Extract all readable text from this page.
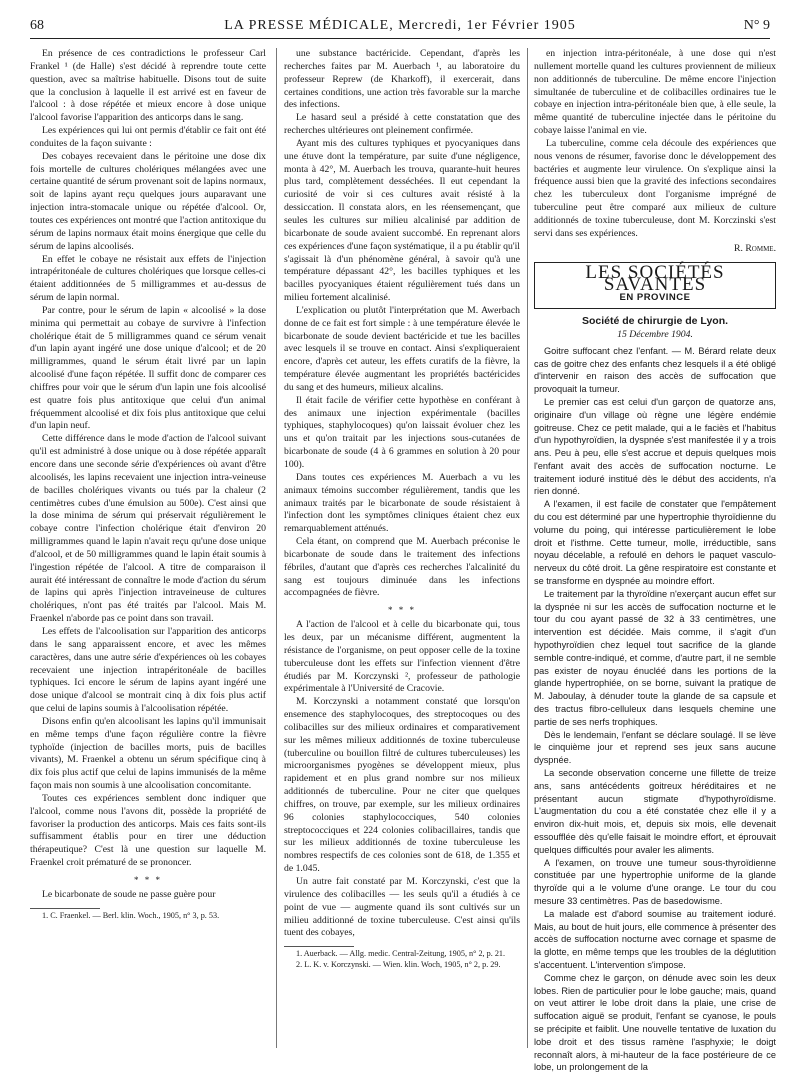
68	LA PRESSE MÉDICALE, Mercredi, 1er Février 1905	N° 9

En présence de ces contradictions le professeur Carl Frankel ¹ (de Halle) s'est décidé à reprendre toute cette question, avec sa maîtrise habituelle. Disons tout de suite que la conclusion à laquelle il est arrivé est en faveur de l'alcool : à dose répétée et mieux encore à dose unique l'alcool favorise l'apparition des anticorps dans le sang.

Les expériences qui lui ont permis d'établir ce fait ont été conduites de la façon suivante :

Des cobayes recevaient dans le péritoine une dose dix fois mortelle de cultures cholériques mélangées avec une certaine quantité de sérum provenant soit de lapins normaux, soit de lapins ayant reçu quelques jours auparavant une injection intra-stomacale unique ou répétée d'alcool. Or, toutes ces expériences ont montré que l'action antitoxique du sérum de lapins normaux était moins énergique que celle du sérum de lapins alcoolisés.

En effet le cobaye ne résistait aux effets de l'injection intrapéritonéale de cultures cholériques que lorsque celles-ci étaient additionnées de 5 milligrammes et au-dessus de sérum de lapin normal.

Par contre, pour le sérum de lapin « alcoolisé » la dose minima qui permettait au cobaye de survivre à l'infection cholérique était de 5 milligrammes quand ce sérum venait d'un lapin ayant ingéré une dose unique d'alcool; et de 20 milligrammes, quand le sérum était livré par un lapin alcoolisé d'une façon répétée. Il suffit donc de comparer ces chiffres pour voir que le sérum d'un lapin une fois alcoolisé est quatre fois plus antitoxique que celui d'un animal fréquemment alcoolisé et dix fois plus antitoxique que celui d'un lapin neuf.

Cette différence dans le mode d'action de l'alcool suivant qu'il est administré à dose unique ou à dose répétée apparaît encore dans une seconde série d'expériences où avant d'être alcoolisés, les lapins recevaient une injection intra-veineuse de bacilles cholériques vivants ou tués par la chaleur (2 centimètres cubes d'une émulsion au 500e). C'est ainsi que la dose minima de sérum qui préservait régulièrement le cobaye contre l'infection cholérique était d'environ 20 milligrammes quand le lapin n'avait reçu qu'une dose unique d'alcool, et de 50 milligrammes quand le lapin était soumis à l'ingestion répétée de l'alcool. A titre de comparaison il aurait été intéressant de connaître le mode d'action du sérum de lapins qui après l'injection intraveineuse de cultures cholériques, n'ont pas été traités par l'alcool. Mais M. Fraenkel n'aborde pas ce point dans son travail.

Les effets de l'alcoolisation sur l'apparition des anticorps dans le sang apparaissent encore, et avec les mêmes caractères, dans une autre série d'expériences où les cobayes recevaient une injection intrapéritonéale de bacilles typhiques. Ici encore le sérum de lapins ayant ingéré une dose unique d'alcool se montrait cinq à dix fois plus actif que celui de lapins soumis à l'alcoolisation répétée.

Disons enfin qu'en alcoolisant les lapins qu'il immunisait en même temps d'une façon régulière contre la fièvre typhoïde (injection de bacilles morts, puis de bacilles vivants), M. Fraenkel a obtenu un sérum spécifique cinq à dix fois plus actif que celui de lapins immunisés de la même façon mais non soumis à une alcoolisation concomitante.

Toutes ces expériences semblent donc indiquer que l'alcool, comme nous l'avons dit, possède la propriété de favoriser la production des anticorps. Mais ces faits sont-ils suffisamment établis pour en tirer une déduction thérapeutique? C'est là une question sur laquelle M. Fraenkel croit prématuré de se prononcer.

* * *

Le bicarbonate de soude ne passe guère pour

1. C. Fraenkel. — Berl. klin. Woch., 1905, n° 3, p. 53.

une substance bactéricide. Cependant, d'après les recherches faites par M. Auerbach ¹, au laboratoire du professeur Reprew (de Kharkoff), il exercerait, dans certaines conditions, une action très favorable sur la marche des infections.

Le hasard seul a présidé à cette constatation que des recherches ultérieures ont pleinement confirmée.

Ayant mis des cultures typhiques et pyocyaniques dans une étuve dont la température, par suite d'une négligence, monta à 42°, M. Auerbach les trouva, quarante-huit heures plus tard, complètement desséchées. Il eut cependant la curiosité de voir si ces cultures avait résisté à la dessiccation. Il constata alors, en les réensemençant, que seules les cultures sur milieu alcalinisé par addition de bicarbonate de soude avaient succombé. En reprenant alors ces expériences d'une façon systématique, il a pu établir qu'il s'agissait là d'un phénomène général, à savoir qu'à une température dépassant 42°, les bacilles typhiques et les bacilles pyocyaniques étaient régulièrement tués dans un milieu fortement alcalinisé.

L'explication ou plutôt l'interprétation que M. Awerbach donne de ce fait est fort simple : à une température élevée le bicarbonate de soude devient bactéricide et tue les bacilles avec lesquels il se trouve en contact. Ainsi s'expliqueraient encore, d'après cet auteur, les effets curatifs de la fièvre, la température élevée augmentant les propriétés bactéricides du sang et des humeurs, milieux alcalins.

Il était facile de vérifier cette hypothèse en conférant à des animaux une injection expérimentale (bacilles typhiques, staphylocoques) qu'on laissait évoluer chez les uns et qu'on traitait par les injections sous-cutanées de bicarbonate de soude (4 à 6 grammes en solution à 20 pour 100).

Dans toutes ces expériences M. Auerbach a vu les animaux témoins succomber régulièrement, tandis que les animaux traités par le bicarbonate de soude résistaient à l'infection dont les symptômes cliniques étaient chez eux remarquablement atténués.

Cela étant, on comprend que M. Auerbach préconise le bicarbonate de soude dans le traitement des infections fébriles, d'autant que d'après ces recherches l'alcalinité du sang est toujours diminuée dans les infections accompagnées de fièvre.

* * *

A l'action de l'alcool et à celle du bicarbonate qui, tous les deux, par un mécanisme différent, augmentent la résistance de l'organisme, on peut opposer celle de la toxine tuberculeuse dont les effets sur l'infection viennent d'être étudiés par M. Korczynski ², professeur de pathologie expérimentale à l'Université de Cracovie.

M. Korczynski a notamment constaté que lorsqu'on ensemence des staphylocoques, des streptocoques ou des colibacilles sur des milieux ordinaires et comparativement sur les mêmes milieux additionnés de toxine tuberculeuse (tuberculine ou bouillon filtré de cultures tuberculeuses) les microorganismes pyogènes se développent mieux, plus rapidement et en plus grand nombre sur nos milieux additionnés de tuberculine. Pour ne citer que quelques chiffres, on trouve, par exemple, sur les milieux ordinaires 96 colonies staphylococciques, 540 colonies streptococciques et 224 colonies colibacillaires, tandis que sur les milieux additionnés de toxine tuberculeuse les nombres respectifs de ces colonies sont de 618, de 1.355 et de 1.045.

Un autre fait constaté par M. Korczynski, c'est que la virulence des colibacilles — les seuls qu'il a étudiés à ce point de vue — augmente quand ils sont cultivés sur un milieu additionné de toxine tuberculeuse. C'est ainsi qu'ils tuent des cobayes,

1. Auerback. — Allg. medic. Central-Zeitung, 1905, n° 2, p. 21.

2. L. K. v. Korczynski. — Wien. klin. Woch, 1905, n° 2, p. 29.

en injection intra-péritonéale, à une dose qui n'est nullement mortelle quand les cultures proviennent de milieux non additionnés de tuberculine. De même encore l'injection simultanée de tuberculine et de colibacilles ordinaires tue le cobaye en injection intra-péritonéale bien que, à elle seule, la même quantité de tuberculine injectée dans le péritoine du cobaye laisse l'animal en vie.

La tuberculine, comme cela découle des expériences que nous venons de résumer, favorise donc le développement des bactéries et augmente leur virulence. On s'explique ainsi la fréquence aussi bien que la gravité des infections secondaires chez les tuberculeux dont l'organisme imprégné de tuberculine peut être comparé aux milieux de culture additionnés de toxine tuberculeuse, dont M. Korczinski s'est servi dans ses expériences.

R. Romme.
LES SOCIÉTÉS SAVANTES
EN PROVINCE
Société de chirurgie de Lyon.
15 Décembre 1904.

Goitre suffocant chez l'enfant. — M. Bérard relate deux cas de goitre chez des enfants chez lesquels il a été obligé d'intervenir en raison des accès de suffocation que provoquait la tumeur.

Le premier cas est celui d'un garçon de quatorze ans, originaire d'un village où règne une légère endémie goitreuse. Chez ce petit malade, qui a le faciès et l'habitus d'un hypothyroïdien, la dyspnée s'est manifestée il y a trois ans. Peu à peu, elle s'est accrue et depuis quelques mois l'enfant avait des accès de suffocation nocturne. Le traitement ioduré institué dès le début des accidents, n'a rien donné.

A l'examen, il est facile de constater que l'empâtement du cou est déterminé par une hypertrophie thyroïdienne du volume du poing, qui intéresse particulièrement le lobe droit et l'isthme. Cette tumeur, molle, irréductible, sans noyau décelable, a refoulé en dehors le paquet vasculo-nerveux du côté droit. La gêne respiratoire est constante et se transforme en dyspnée au moindre effort.

Le traitement par la thyroïdine n'exerçant aucun effet sur la dyspnée ni sur les accès de suffocation nocturne et le tour du cou ayant passé de 32 à 33 centimètres, une intervention est décidée. Mais comme, il s'agit d'un hypothyroïdien chez lequel tout sacrifice de la glande semble contre-indiqué, et comme, d'autre part, il ne semble pas exister de noyau énucléé dans les portions de la glande hypertrophiée, on se borne, suivant la pratique de M. Jaboulay, à dénuder toute la glande de sa capsule et des tractus fibro-celluleux dans lesquels chemine une partie de ses nerfs trophiques.

Dès le lendemain, l'enfant se déclare soulagé. Il se lève le cinquième jour et reprend ses jeux sans aucune dyspnée.

La seconde observation concerne une fillette de treize ans, sans antécédents goitreux héréditaires et ne présentant aucun stigmate d'hypothyroïdisme. L'augmentation du cou a été constatée chez elle il y a environ dix-huit mois, et, depuis six mois, elle devenait essoufflée dès qu'elle faisait le moindre effort, et éprouvait quelques difficultés pour avaler les aliments.

A l'examen, on trouve une tumeur sous-thyroïdienne constituée par une hypertrophie uniforme de la glande thyroïde qui a le volume d'une orange. Le tour du cou mesure 33 centimètres. Pas de basedowisme.

La malade est d'abord soumise au traitement ioduré. Mais, au bout de huit jours, elle commence à présenter des accès de suffocation nocturne avec cornage et spasme de la glotte, en même temps que les troubles de la déglutition s'accentuent. L'intervention s'impose.

Comme chez le garçon, on dénude avec soin les deux lobes. Rien de particulier pour le lobe gauche; mais, quand on veut attirer le lobe droit dans la plaie, une crise de suffocation aiguë se produit, l'enfant se cyanose, le pouls se précipite et faiblit. Une nouvelle tentative de luxation du lobe droit et des tissus ramène l'asphyxie; le doigt reconnaît alors, à mi-hauteur de la face postérieure de ce lobe, un prolongement de la
